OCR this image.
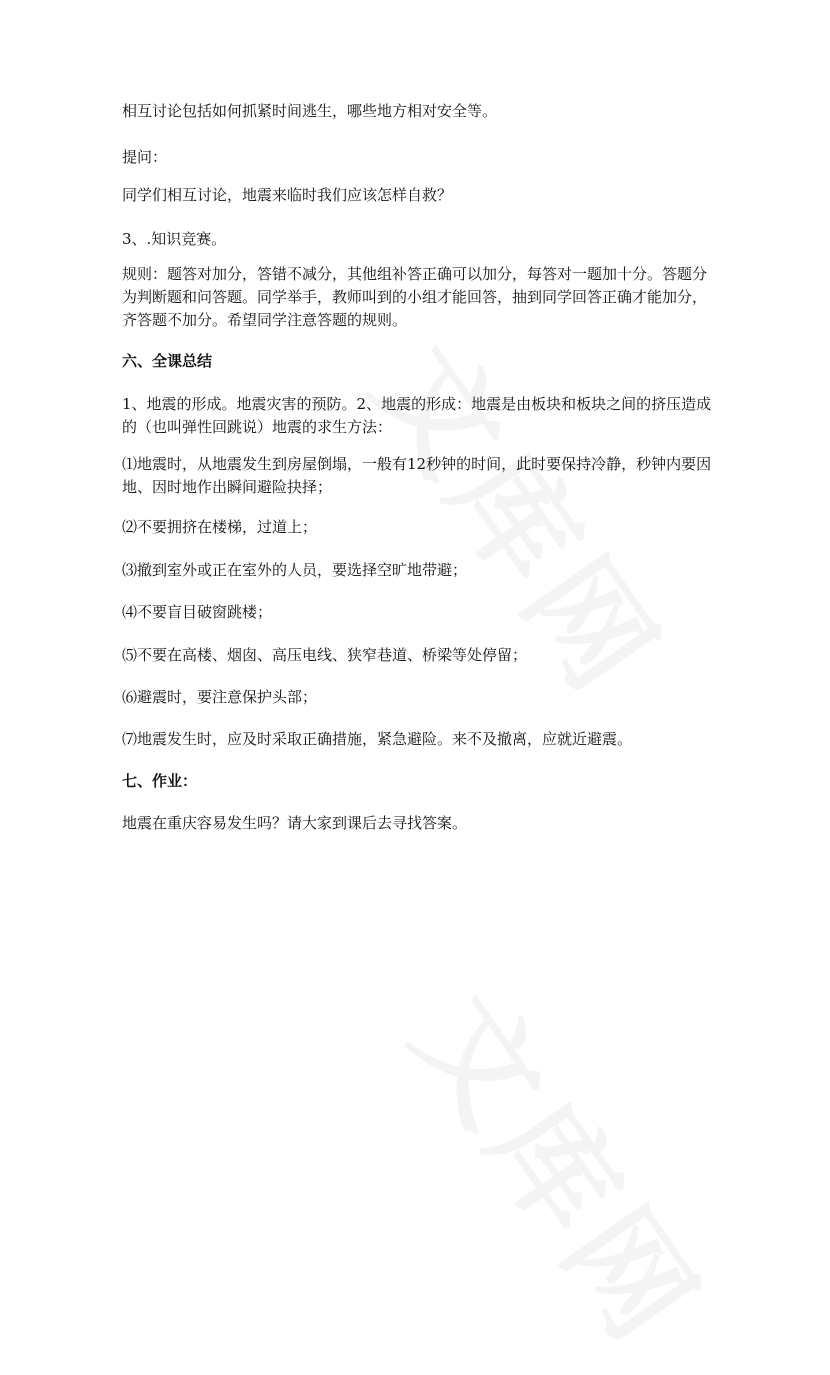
相互讨论包括如何抓紧时间逃生，哪些地方相对安全等。

提问：

同学们相互讨论，地震来临时我们应该怎样自救？

3、.知识竞赛。

规则：题答对加分，答错不减分，其他组补答正确可以加分，每答对一题加十分。答题分为判断题和问答题。同学举手，教师叫到的小组才能回答，抽到同学回答正确才能加分，齐答题不加分。希望同学注意答题的规则。

六、全课总结

1、地震的形成。地震灾害的预防。2、地震的形成：地震是由板块和板块之间的挤压造成的（也叫弹性回跳说）地震的求生方法：

⑴地震时，从地震发生到房屋倒塌，一般有12秒钟的时间，此时要保持冷静，秒钟内要因地、因时地作出瞬间避险抉择；

⑵不要拥挤在楼梯，过道上；

⑶撤到室外或正在室外的人员，要选择空旷地带避；

⑷不要盲目破窗跳楼；

⑸不要在高楼、烟囱、高压电线、狭窄巷道、桥梁等处停留；

⑹避震时，要注意保护头部；

⑺地震发生时，应及时采取正确措施，紧急避险。来不及撤离，应就近避震。

七、作业：

地震在重庆容易发生吗？请大家到课后去寻找答案。
